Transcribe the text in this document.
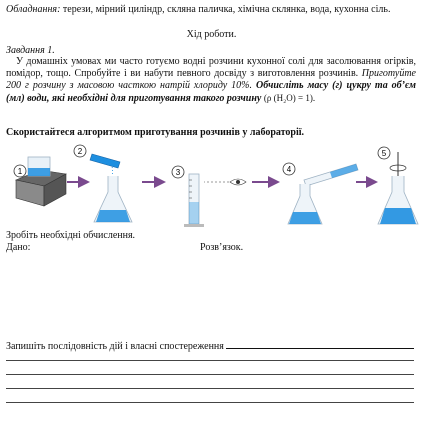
Обладнання: терези, мірний циліндр, скляна паличка, хімічна склянка, вода, кухонна сіль.
Хід роботи.
Завдання 1.
У домашніх умовах ми часто готуємо водні розчини кухонної солі для засолювання огірків, помідор, тощо. Спробуйте і ви набути певного досвіду з виготовлення розчинів. Приготуйте 200 г розчину з масовою часткою натрій хлориду 10%. Обчисліть масу (г) цукру та об’єм (мл) води, які необхідні для приготування такого розчину (ρ (H₂O) = 1).
Скористайтеся алгоритмом приготування розчинів у лабораторії.
1
2
3	4
5
Зробіть необхідні обчислення.
Дано:	Розв’язок.
Запишіть послідовність дій і власні спостереження
